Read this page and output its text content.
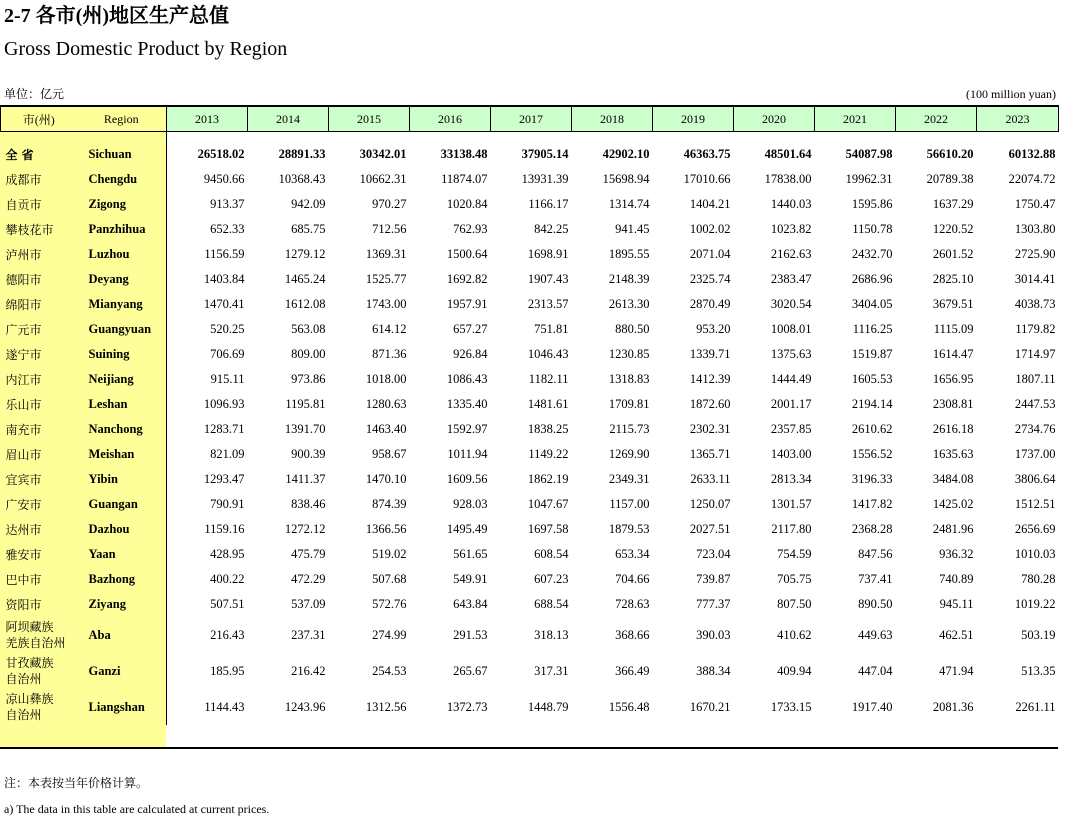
2-7 各市(州)地区生产总值
Gross Domestic Product by Region
单位：亿元	(100 million yuan)
市(州)	Region	2013	2014	2015	2016	2017	2018	2019	2020	2021	2022	2023

全 省	Sichuan	26518.02	28891.33	30342.01	33138.48	37905.14	42902.10	46363.75	48501.64	54087.98	56610.20	60132.88
成都市	Chengdu	9450.66	10368.43	10662.31	11874.07	13931.39	15698.94	17010.66	17838.00	19962.31	20789.38	22074.72
自贡市	Zigong	913.37	942.09	970.27	1020.84	1166.17	1314.74	1404.21	1440.03	1595.86	1637.29	1750.47
攀枝花市	Panzhihua	652.33	685.75	712.56	762.93	842.25	941.45	1002.02	1023.82	1150.78	1220.52	1303.80
泸州市	Luzhou	1156.59	1279.12	1369.31	1500.64	1698.91	1895.55	2071.04	2162.63	2432.70	2601.52	2725.90
德阳市	Deyang	1403.84	1465.24	1525.77	1692.82	1907.43	2148.39	2325.74	2383.47	2686.96	2825.10	3014.41
绵阳市	Mianyang	1470.41	1612.08	1743.00	1957.91	2313.57	2613.30	2870.49	3020.54	3404.05	3679.51	4038.73
广元市	Guangyuan	520.25	563.08	614.12	657.27	751.81	880.50	953.20	1008.01	1116.25	1115.09	1179.82
遂宁市	Suining	706.69	809.00	871.36	926.84	1046.43	1230.85	1339.71	1375.63	1519.87	1614.47	1714.97
内江市	Neijiang	915.11	973.86	1018.00	1086.43	1182.11	1318.83	1412.39	1444.49	1605.53	1656.95	1807.11
乐山市	Leshan	1096.93	1195.81	1280.63	1335.40	1481.61	1709.81	1872.60	2001.17	2194.14	2308.81	2447.53
南充市	Nanchong	1283.71	1391.70	1463.40	1592.97	1838.25	2115.73	2302.31	2357.85	2610.62	2616.18	2734.76
眉山市	Meishan	821.09	900.39	958.67	1011.94	1149.22	1269.90	1365.71	1403.00	1556.52	1635.63	1737.00
宜宾市	Yibin	1293.47	1411.37	1470.10	1609.56	1862.19	2349.31	2633.11	2813.34	3196.33	3484.08	3806.64
广安市	Guangan	790.91	838.46	874.39	928.03	1047.67	1157.00	1250.07	1301.57	1417.82	1425.02	1512.51
达州市	Dazhou	1159.16	1272.12	1366.56	1495.49	1697.58	1879.53	2027.51	2117.80	2368.28	2481.96	2656.69
雅安市	Yaan	428.95	475.79	519.02	561.65	608.54	653.34	723.04	754.59	847.56	936.32	1010.03
巴中市	Bazhong	400.22	472.29	507.68	549.91	607.23	704.66	739.87	705.75	737.41	740.89	780.28
资阳市	Ziyang	507.51	537.09	572.76	643.84	688.54	728.63	777.37	807.50	890.50	945.11	1019.22
阿坝藏族
羌族自治州	Aba	216.43	237.31	274.99	291.53	318.13	368.66	390.03	410.62	449.63	462.51	503.19
甘孜藏族
自治州	Ganzi	185.95	216.42	254.53	265.67	317.31	366.49	388.34	409.94	447.04	471.94	513.35
凉山彝族
自治州	Liangshan	1144.43	1243.96	1312.56	1372.73	1448.79	1556.48	1670.21	1733.15	1917.40	2081.36	2261.11
注：本表按当年价格计算。
a) The data in this table are calculated at current prices.
